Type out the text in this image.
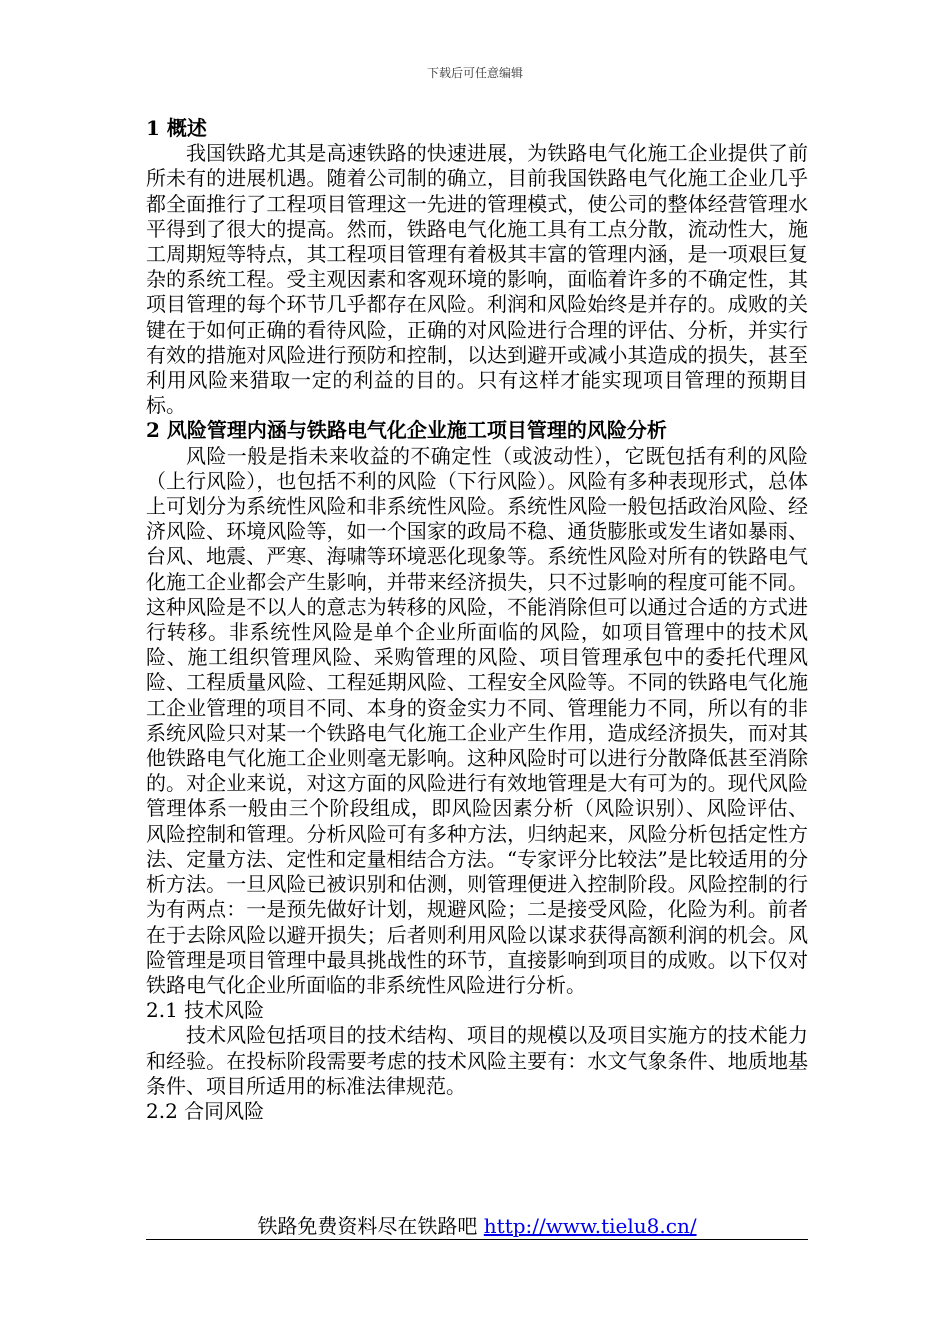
下载后可任意编辑
1 概述

我国铁路尤其是高速铁路的快速进展，为铁路电气化施工企业提供了前所未有的进展机遇。随着公司制的确立，目前我国铁路电气化施工企业几乎都全面推行了工程项目管理这一先进的管理模式，使公司的整体经营管理水平得到了很大的提高。然而，铁路电气化施工具有工点分散，流动性大，施工周期短等特点，其工程项目管理有着极其丰富的管理内涵，是一项艰巨复杂的系统工程。受主观因素和客观环境的影响，面临着许多的不确定性，其项目管理的每个环节几乎都存在风险。利润和风险始终是并存的。成败的关键在于如何正确的看待风险，正确的对风险进行合理的评估、分析，并实行有效的措施对风险进行预防和控制，以达到避开或减小其造成的损失，甚至利用风险来猎取一定的利益的目的。只有这样才能实现项目管理的预期目标。

2 风险管理内涵与铁路电气化企业施工项目管理的风险分析

风险一般是指未来收益的不确定性（或波动性），它既包括有利的风险（上行风险），也包括不利的风险（下行风险）。风险有多种表现形式，总体上可划分为系统性风险和非系统性风险。系统性风险一般包括政治风险、经济风险、环境风险等，如一个国家的政局不稳、通货膨胀或发生诸如暴雨、台风、地震、严寒、海啸等环境恶化现象等。系统性风险对所有的铁路电气化施工企业都会产生影响，并带来经济损失，只不过影响的程度可能不同。这种风险是不以人的意志为转移的风险，不能消除但可以通过合适的方式进行转移。非系统性风险是单个企业所面临的风险，如项目管理中的技术风险、施工组织管理风险、采购管理的风险、项目管理承包中的委托代理风险、工程质量风险、工程延期风险、工程安全风险等。不同的铁路电气化施工企业管理的项目不同、本身的资金实力不同、管理能力不同，所以有的非系统风险只对某一个铁路电气化施工企业产生作用，造成经济损失，而对其他铁路电气化施工企业则毫无影响。这种风险时可以进行分散降低甚至消除的。对企业来说，对这方面的风险进行有效地管理是大有可为的。现代风险管理体系一般由三个阶段组成，即风险因素分析（风险识别）、风险评估、风险控制和管理。分析风险可有多种方法，归纳起来，风险分析包括定性方法、定量方法、定性和定量相结合方法。“专家评分比较法”是比较适用的分析方法。一旦风险已被识别和估测，则管理便进入控制阶段。风险控制的行为有两点：一是预先做好计划，规避风险；二是接受风险，化险为利。前者在于去除风险以避开损失；后者则利用风险以谋求获得高额利润的机会。风险管理是项目管理中最具挑战性的环节，直接影响到项目的成败。以下仅对铁路电气化企业所面临的非系统性风险进行分析。

2.1 技术风险

技术风险包括项目的技术结构、项目的规模以及项目实施方的技术能力和经验。在投标阶段需要考虑的技术风险主要有：水文气象条件、地质地基条件、项目所适用的标准法律规范。

2.2 合同风险
铁路免费资料尽在铁路吧 http://www.tielu8.cn/
